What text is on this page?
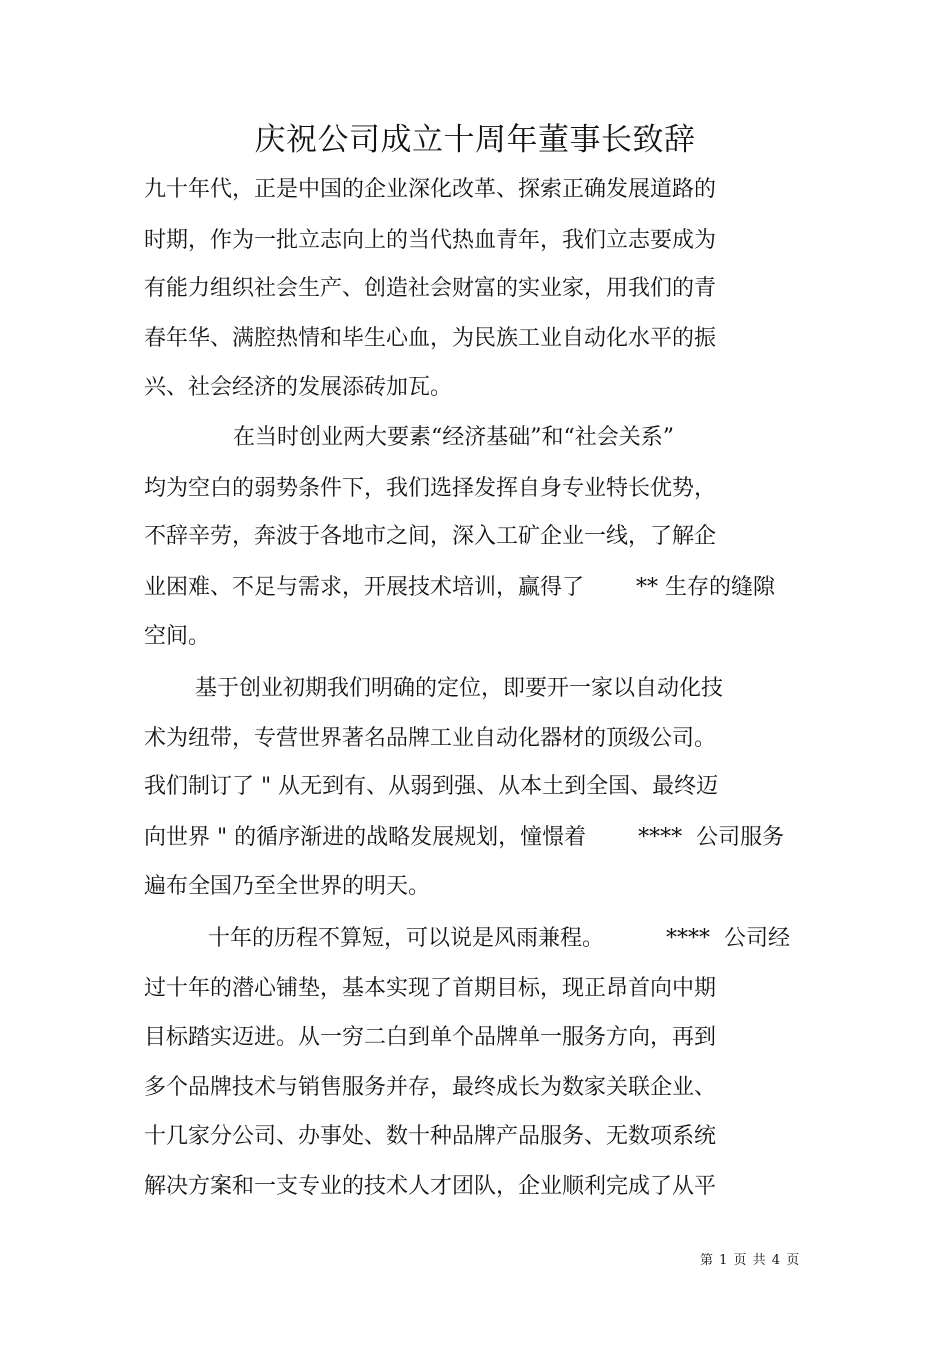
庆祝公司成立十周年董事长致辞

九十年代，正是中国的企业深化改革、探索正确发展道路的

时期，作为一批立志向上的当代热血青年，我们立志要成为

有能力组织社会生产、创造社会财富的实业家，用我们的青

春年华、满腔热情和毕生心血，为民族工业自动化水平的振

兴、社会经济的发展添砖加瓦。

在当时创业两大要素“经济基础”和“社会关系”

均为空白的弱势条件下，我们选择发挥自身专业特长优势，

不辞辛劳，奔波于各地市之间，深入工矿企业一线，了解企

业困难、不足与需求，开展技术培训，赢得了 ** 生存的缝隙

空间。

基于创业初期我们明确的定位，即要开一家以自动化技

术为纽带，专营世界著名品牌工业自动化器材的顶级公司。

我们制订了 " 从无到有、从弱到强、从本土到全国、最终迈

向世界 " 的循序渐进的战略发展规划，憧憬着 ****  公司服务

遍布全国乃至全世界的明天。

十年的历程不算短，可以说是风雨兼程。	****  公司经

过十年的潜心铺垫，基本实现了首期目标，现正昂首向中期

目标踏实迈进。从一穷二白到单个品牌单一服务方向，再到

多个品牌技术与销售服务并存，最终成长为数家关联企业、

十几家分公司、办事处、数十种品牌产品服务、无数项系统

解决方案和一支专业的技术人才团队，企业顺利完成了从平

第 1 页 共 4 页
